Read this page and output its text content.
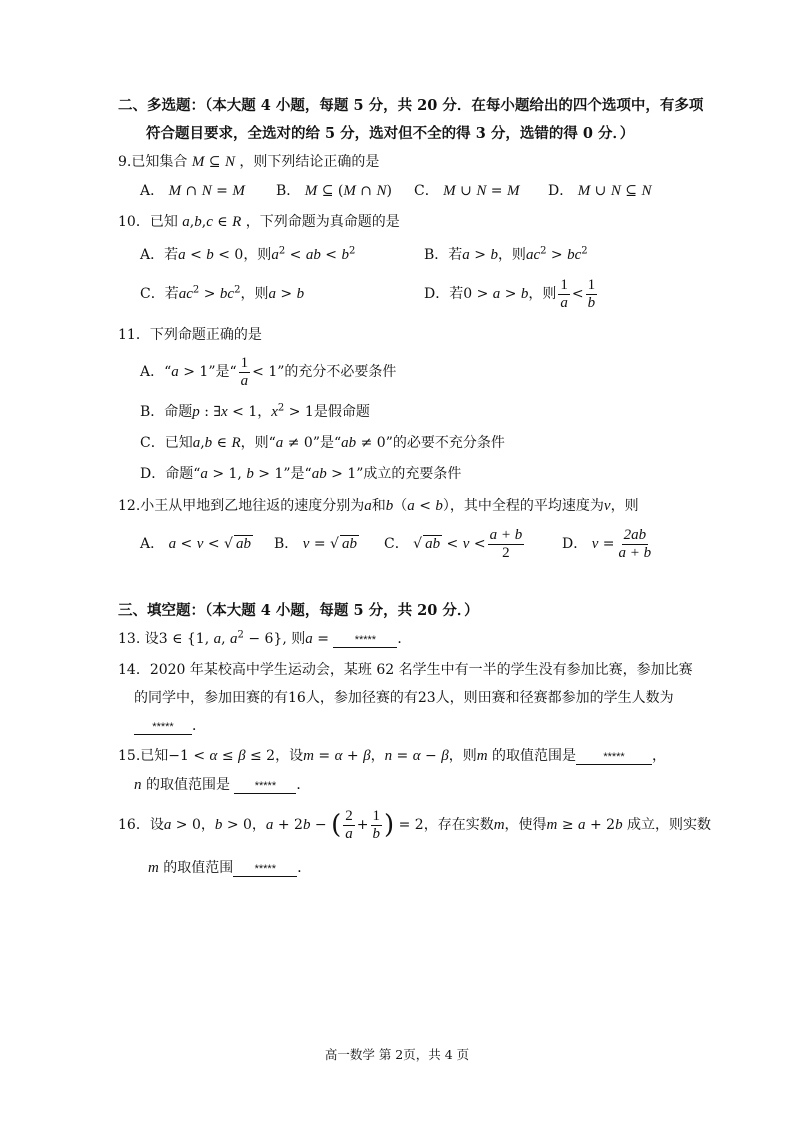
二、多选题：（本大题 4 小题，每题 5 分，共 20 分．在每小题给出的四个选项中，有多项
符合题目要求，全选对的给 5 分，选对但不全的得 3 分，选错的得 0 分．）
9.已知集合 M ⊆ N ，则下列结论正确的是
A． M ∩ N = M B． M ⊆ (M ∩ N) C． M ∪ N = M D． M ∪ N ⊆ N
10．已知 a,b,c ∈ R ，下列命题为真命题的是
A．若a < b < 0，则$a^2$ < ab < $b^2$	B．若a > b，则$ac^2 > bc^2$
C．若$ac^2 > bc^2$，则a > b	D．若0 > a > b，则 $\frac{1}{a} < \frac{1}{b}$
11．下列命题正确的是
A．“a > 1”是“ $\frac{1}{a} < 1$”的充分不必要条件
B．命题p : ∃x < 1，$x^2 > 1$是假命题
C．已知a,b ∈ R，则“a ≠ 0”是“ab ≠ 0”的必要不充分条件
D．命题“a > 1, b > 1”是“ab > 1”成立的充要条件
12.小王从甲地到乙地往返的速度分别为a和b（a < b），其中全程的平均速度为v，则
A． a < v < √ ab B． v = √ ab C． √ ab < $v < \frac{a + b}{2}$	D． $v = \frac{2ab}{a + b}$
三、填空题：（本大题 4 小题，每题 5 分，共 20 分．）
13. 设3 ∈ {1, a, $a^2 - 6$}, 则a = ***** ．
14．2020 年某校高中学生运动会，某班 62 名学生中有一半的学生没有参加比赛，参加比赛
的同学中，参加田赛的有16人，参加径赛的有23人，则田赛和径赛都参加的学生人数为
***** ．
15.已知−1 < α ≤ β ≤ 2，设m = α + β，n = α − β，则m 的取值范围是 ***** ，
n 的取值范围是 ***** ．
16．设a > 0，b > 0，a + 2b − ( $\frac{2}{a} + \frac{1}{b}$ ) = 2，存在实数m，使得m ≥ a + 2b 成立，则实数
m 的取值范围 ***** ．
高一数学 第 2页，共 4 页
